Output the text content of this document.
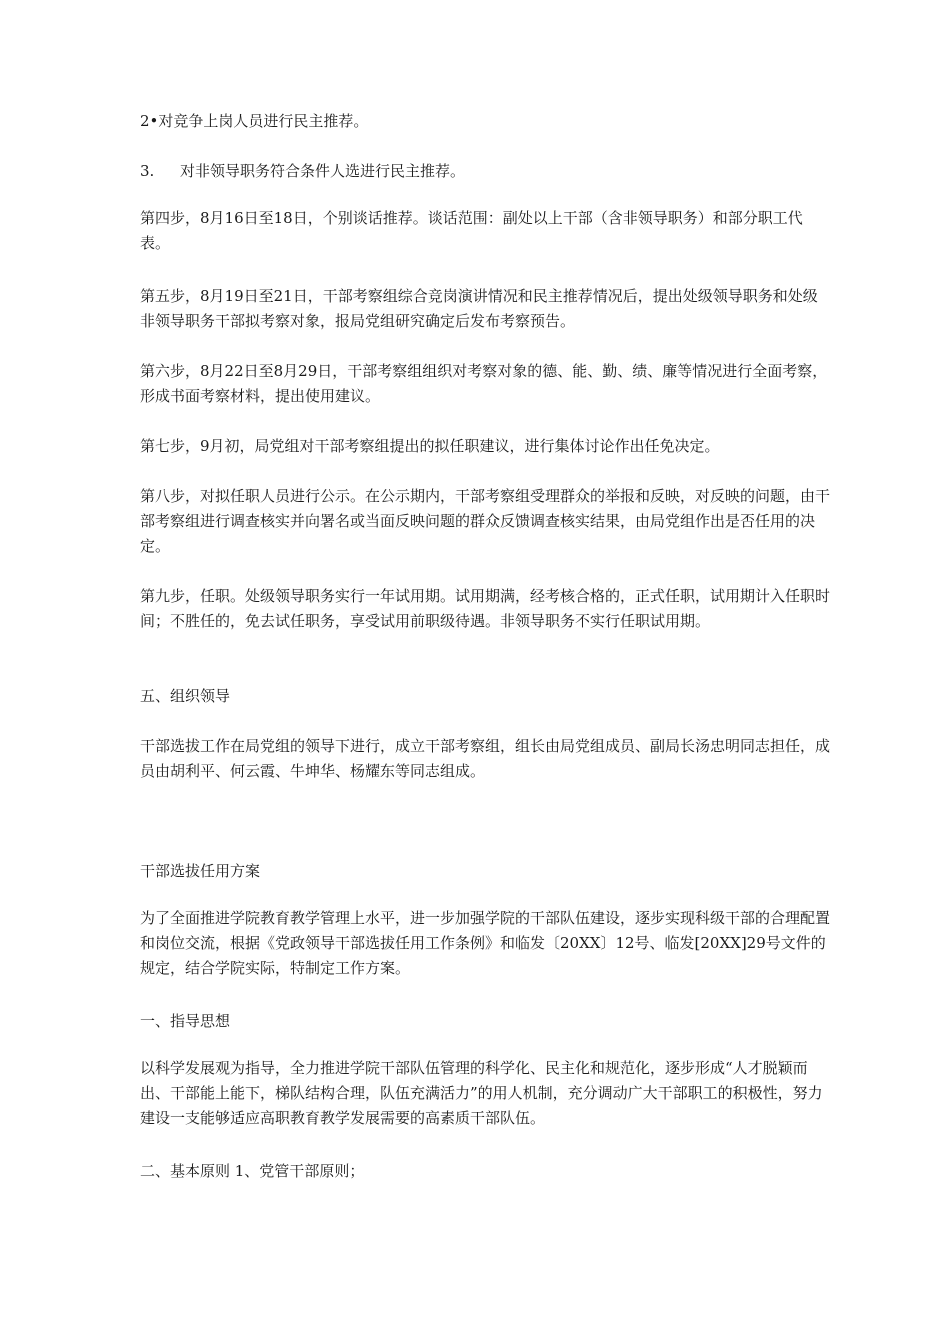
2•对竞争上岗人员进行民主推荐。

3. 对非领导职务符合条件人选进行民主推荐。

第四步，8月16日至18日，个别谈话推荐。谈话范围：副处以上干部（含非领导职务）和部分职工代表。

第五步，8月19日至21日，干部考察组综合竞岗演讲情况和民主推荐情况后，提出处级领导职务和处级非领导职务干部拟考察对象，报局党组研究确定后发布考察预告。

第六步，8月22日至8月29日，干部考察组组织对考察对象的德、能、勤、绩、廉等情况进行全面考察，形成书面考察材料，提出使用建议。

第七步，9月初，局党组对干部考察组提出的拟任职建议，进行集体讨论作出任免决定。

第八步，对拟任职人员进行公示。在公示期内，干部考察组受理群众的举报和反映，对反映的问题，由干部考察组进行调查核实并向署名或当面反映问题的群众反馈调查核实结果，由局党组作出是否任用的决定。

第九步，任职。处级领导职务实行一年试用期。试用期满，经考核合格的，正式任职，试用期计入任职时间；不胜任的，免去试任职务，享受试用前职级待遇。非领导职务不实行任职试用期。

五、组织领导

干部选拔工作在局党组的领导下进行，成立干部考察组，组长由局党组成员、副局长汤忠明同志担任，成员由胡利平、何云霞、牛坤华、杨耀东等同志组成。

干部选拔任用方案

为了全面推进学院教育教学管理上水平，进一步加强学院的干部队伍建设，逐步实现科级干部的合理配置和岗位交流，根据《党政领导干部选拔任用工作条例》和临发〔20XX〕12号、临发[20XX]29号文件的规定，结合学院实际，特制定工作方案。

一、指导思想

以科学发展观为指导，全力推进学院干部队伍管理的科学化、民主化和规范化，逐步形成“人才脱颖而出、干部能上能下，梯队结构合理，队伍充满活力”的用人机制，充分调动广大干部职工的积极性，努力建设一支能够适应高职教育教学发展需要的高素质干部队伍。

二、基本原则 1、党管干部原则；
